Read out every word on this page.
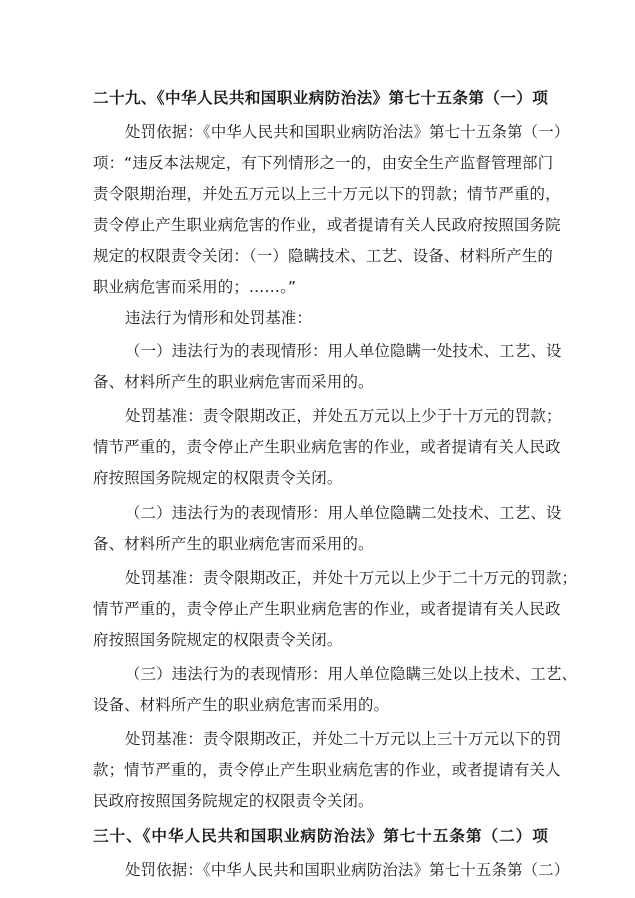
二十九、《中华人民共和国职业病防治法》第七十五条第（一）项
处罚依据：《中华人民共和国职业病防治法》第七十五条第（一）
项：“违反本法规定，有下列情形之一的，由安全生产监督管理部门
责令限期治理，并处五万元以上三十万元以下的罚款；情节严重的，
责令停止产生职业病危害的作业，或者提请有关人民政府按照国务院
规定的权限责令关闭：（一）隐瞒技术、工艺、设备、材料所产生的
职业病危害而采用的；……。”
违法行为情形和处罚基准：
（一）违法行为的表现情形：用人单位隐瞒一处技术、工艺、设
备、材料所产生的职业病危害而采用的。
处罚基准：责令限期改正，并处五万元以上少于十万元的罚款；
情节严重的，责令停止产生职业病危害的作业，或者提请有关人民政
府按照国务院规定的权限责令关闭。
（二）违法行为的表现情形：用人单位隐瞒二处技术、工艺、设
备、材料所产生的职业病危害而采用的。
处罚基准：责令限期改正，并处十万元以上少于二十万元的罚款；
情节严重的，责令停止产生职业病危害的作业，或者提请有关人民政
府按照国务院规定的权限责令关闭。
（三）违法行为的表现情形：用人单位隐瞒三处以上技术、工艺、
设备、材料所产生的职业病危害而采用的。
处罚基准：责令限期改正，并处二十万元以上三十万元以下的罚
款；情节严重的，责令停止产生职业病危害的作业，或者提请有关人
民政府按照国务院规定的权限责令关闭。
三十、《中华人民共和国职业病防治法》第七十五条第（二）项
处罚依据：《中华人民共和国职业病防治法》第七十五条第（二）
